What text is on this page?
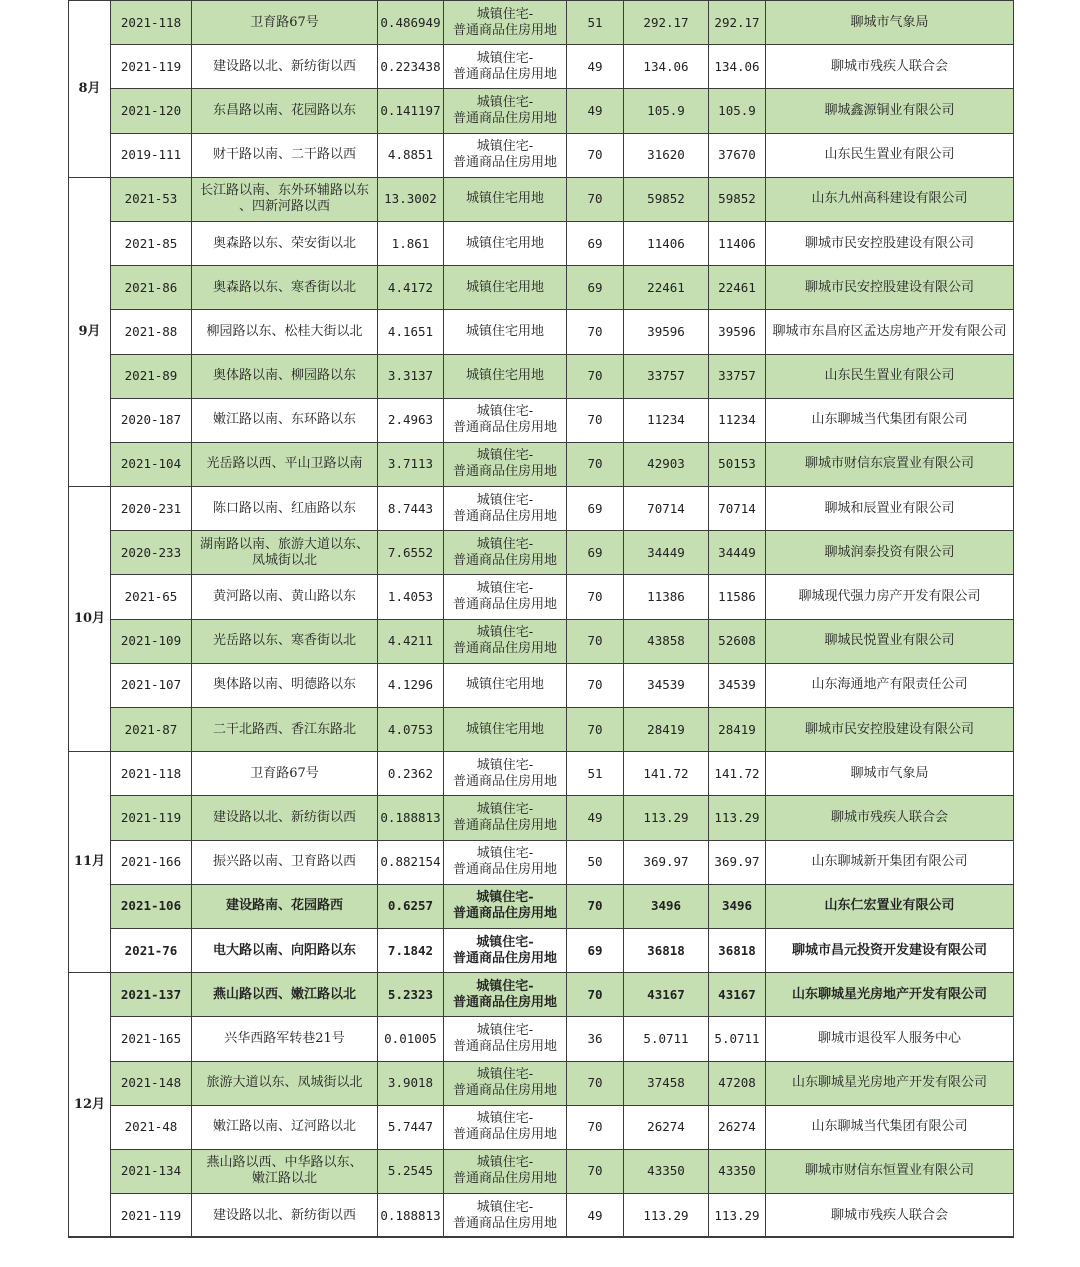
8月	2021-118	卫育路67号	0.486949	城镇住宅-
普通商品住房用地	51	292.17	292.17	聊城市气象局
	2021-119	建设路以北、新纺街以西	0.223438	城镇住宅-
普通商品住房用地	49	134.06	134.06	聊城市残疾人联合会
	2021-120	东昌路以南、花园路以东	0.141197	城镇住宅-
普通商品住房用地	49	105.9	105.9	聊城鑫源铜业有限公司
	2019-111	财干路以南、二干路以西	4.8851	城镇住宅-
普通商品住房用地	70	31620	37670	山东民生置业有限公司
9月	2021-53	长江路以南、东外环辅路以东
、四新河路以西	13.3002	城镇住宅用地	70	59852	59852	山东九州高科建设有限公司
	2021-85	奥森路以东、荣安街以北	1.861	城镇住宅用地	69	11406	11406	聊城市民安控股建设有限公司
	2021-86	奥森路以东、寒香街以北	4.4172	城镇住宅用地	69	22461	22461	聊城市民安控股建设有限公司
	2021-88	柳园路以东、松桂大街以北	4.1651	城镇住宅用地	70	39596	39596	聊城市东昌府区孟达房地产开发有限公司
	2021-89	奥体路以南、柳园路以东	3.3137	城镇住宅用地	70	33757	33757	山东民生置业有限公司
	2020-187	嫩江路以南、东环路以东	2.4963	城镇住宅-
普通商品住房用地	70	11234	11234	山东聊城当代集团有限公司
	2021-104	光岳路以西、平山卫路以南	3.7113	城镇住宅-
普通商品住房用地	70	42903	50153	聊城市财信东宸置业有限公司
10月	2020-231	陈口路以南、红庙路以东	8.7443	城镇住宅-
普通商品住房用地	69	70714	70714	聊城和辰置业有限公司
	2020-233	湖南路以南、旅游大道以东、
凤城街以北	7.6552	城镇住宅-
普通商品住房用地	69	34449	34449	聊城润泰投资有限公司
	2021-65	黄河路以南、黄山路以东	1.4053	城镇住宅-
普通商品住房用地	70	11386	11586	聊城现代强力房产开发有限公司
	2021-109	光岳路以东、寒香街以北	4.4211	城镇住宅-
普通商品住房用地	70	43858	52608	聊城民悦置业有限公司
	2021-107	奥体路以南、明德路以东	4.1296	城镇住宅用地	70	34539	34539	山东海通地产有限责任公司
	2021-87	二干北路西、香江东路北	4.0753	城镇住宅用地	70	28419	28419	聊城市民安控股建设有限公司
11月	2021-118	卫育路67号	0.2362	城镇住宅-
普通商品住房用地	51	141.72	141.72	聊城市气象局
	2021-119	建设路以北、新纺街以西	0.188813	城镇住宅-
普通商品住房用地	49	113.29	113.29	聊城市残疾人联合会
	2021-166	振兴路以南、卫育路以西	0.882154	城镇住宅-
普通商品住房用地	50	369.97	369.97	山东聊城新开集团有限公司
	2021-106	建设路南、花园路西	0.6257	城镇住宅-
普通商品住房用地	70	3496	3496	山东仁宏置业有限公司
	2021-76	电大路以南、向阳路以东	7.1842	城镇住宅-
普通商品住房用地	69	36818	36818	聊城市昌元投资开发建设有限公司
12月	2021-137	燕山路以西、嫩江路以北	5.2323	城镇住宅-
普通商品住房用地	70	43167	43167	山东聊城星光房地产开发有限公司
	2021-165	兴华西路军转巷21号	0.01005	城镇住宅-
普通商品住房用地	36	5.0711	5.0711	聊城市退役军人服务中心
	2021-148	旅游大道以东、凤城街以北	3.9018	城镇住宅-
普通商品住房用地	70	37458	47208	山东聊城星光房地产开发有限公司
	2021-48	嫩江路以南、辽河路以北	5.7447	城镇住宅-
普通商品住房用地	70	26274	26274	山东聊城当代集团有限公司
	2021-134	燕山路以西、中华路以东、
嫩江路以北	5.2545	城镇住宅-
普通商品住房用地	70	43350	43350	聊城市财信东恒置业有限公司
	2021-119	建设路以北、新纺街以西	0.188813	城镇住宅-
普通商品住房用地	49	113.29	113.29	聊城市残疾人联合会
